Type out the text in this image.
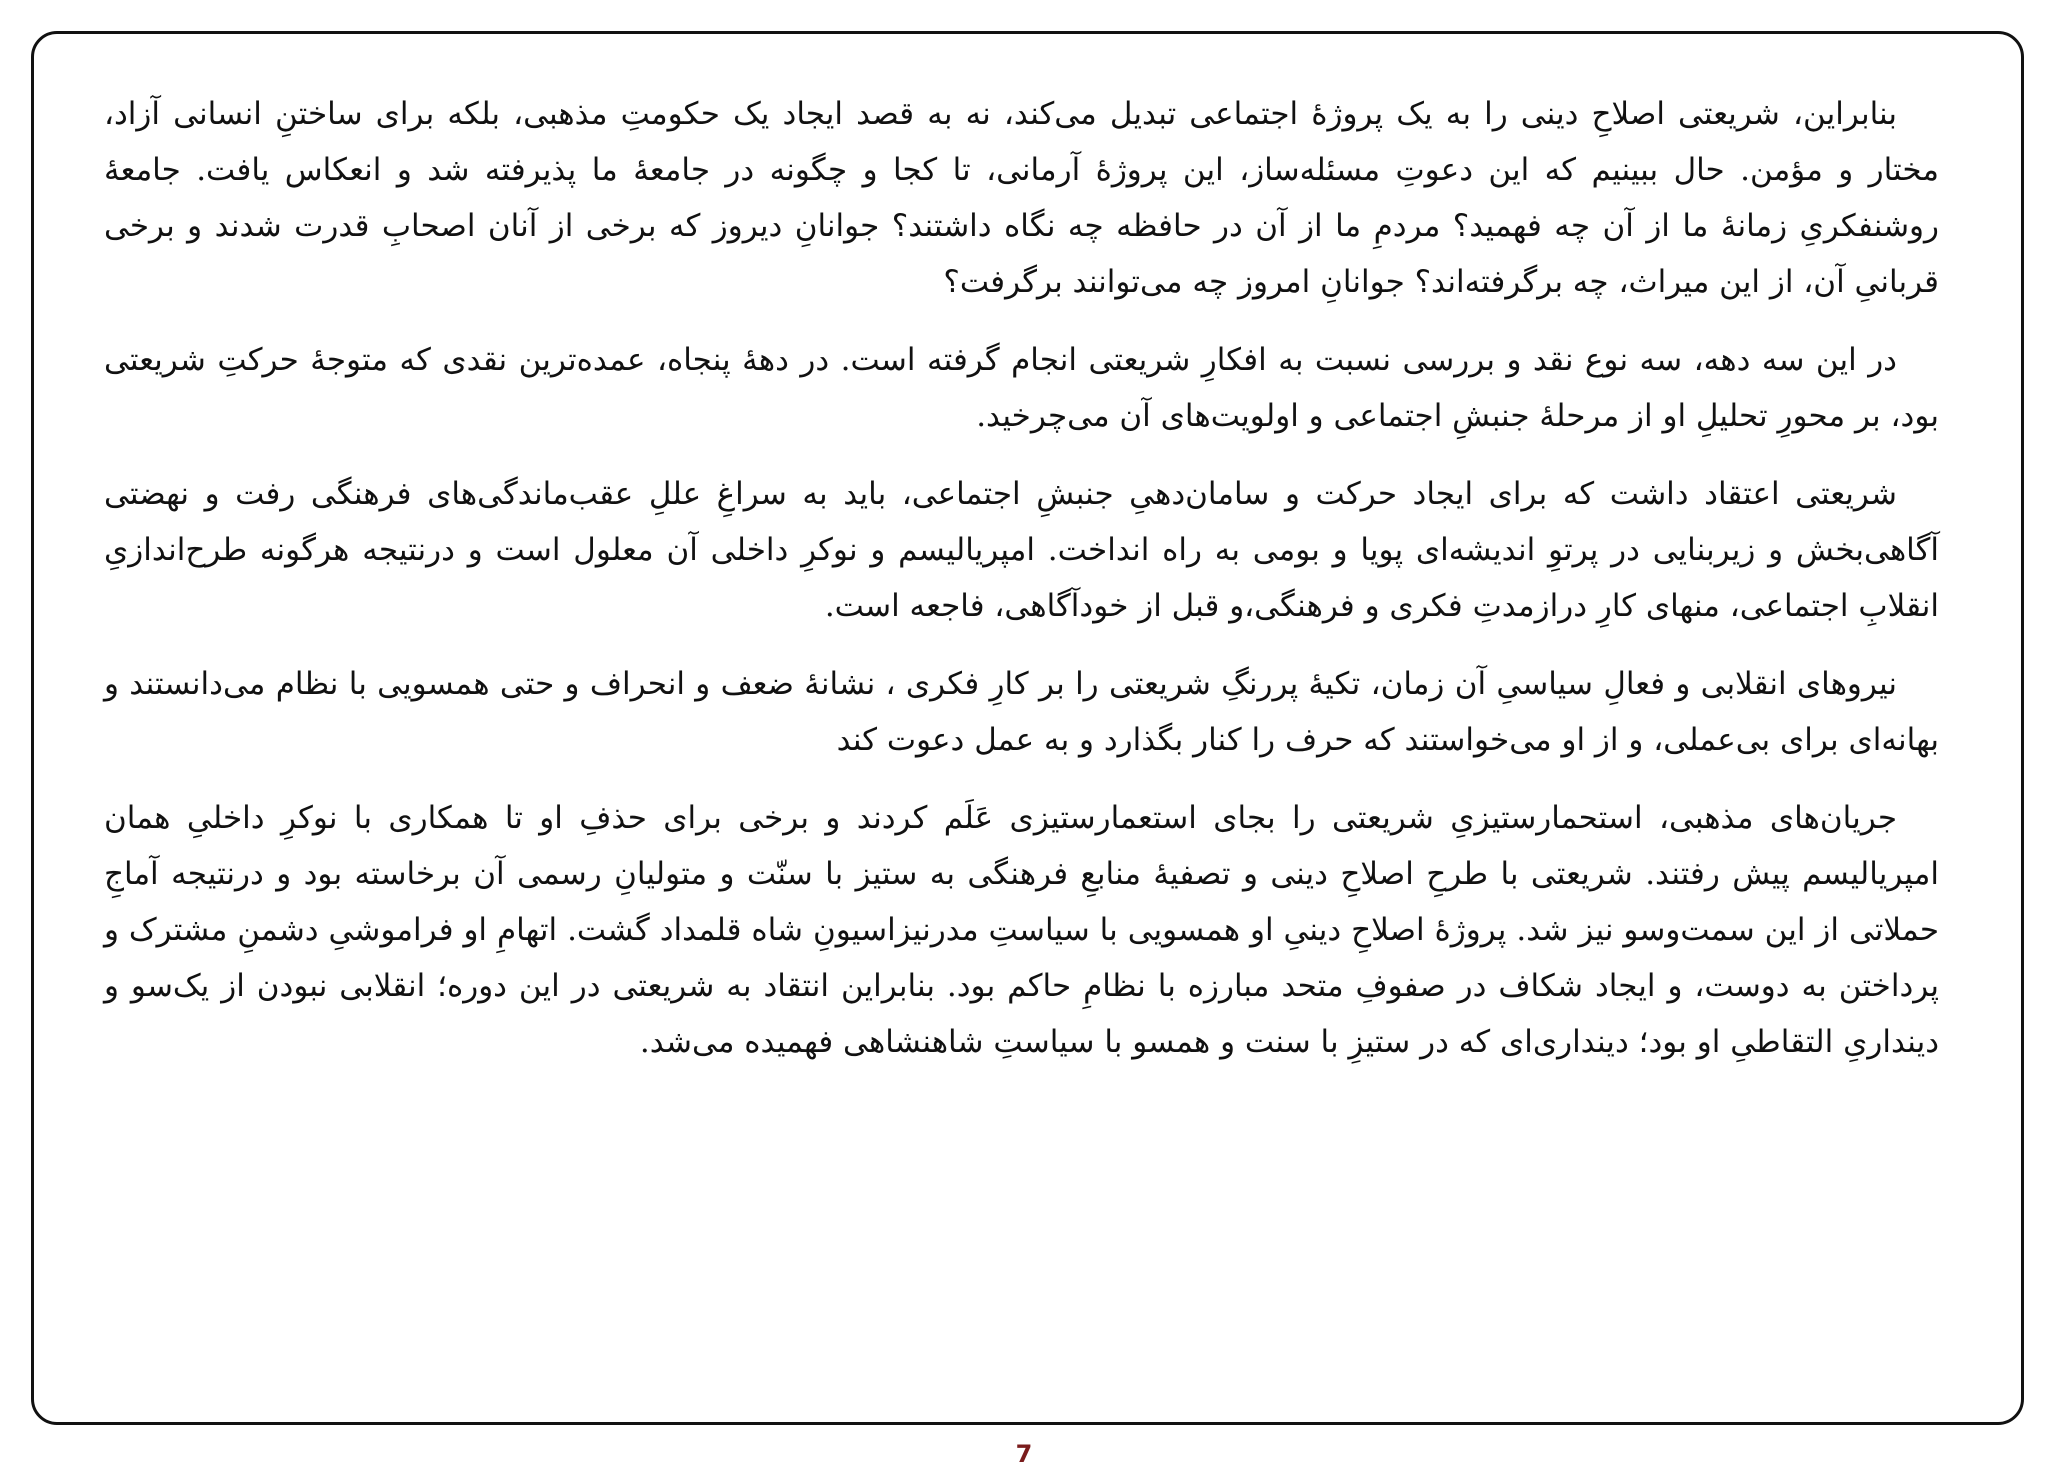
بنابراین، شریعتی اصلاحِ دینی را به یک پروژهٔ اجتماعی تبدیل می‌کند، نه به قصد ایجاد یک حکومتِ مذهبی، بلکه برای ساختنِ انسانی آزاد، مختار و مؤمن. حال ببینیم که این دعوتِ مسئله‌ساز، این پروژهٔ آرمانی، تا کجا و چگونه در جامعهٔ ما پذیرفته شد و انعکاس یافت. جامعهٔ روشنفکریِ زمانهٔ ما از آن چه فهمید؟ مردمِ ما از آن در حافظه چه نگاه داشتند؟ جوانانِ دیروز که برخی از آنان اصحابِ قدرت شدند و برخی قربانیِ آن، از این میراث، چه برگرفته‌اند؟ جوانانِ امروز چه می‌توانند برگرفت؟

در این سه دهه، سه نوع نقد و بررسی نسبت به افکارِ شریعتی انجام گرفته است. در دههٔ پنجاه، عمده‌ترین نقدی که متوجهٔ حرکتِ شریعتی بود، بر محورِ تحلیلِ او از مرحلهٔ جنبشِ اجتماعی و اولویت‌های آن می‌چرخید.

شریعتی اعتقاد داشت که برای ایجاد حرکت و سامان‌دهیِ جنبشِ اجتماعی، باید به سراغِ عللِ عقب‌ماندگی‌های فرهنگی رفت و نهضتی آگاهی‌بخش و زیربنایی در پرتوِ اندیشه‌ای پویا و بومی به راه انداخت. امپریالیسم و نوکرِ داخلی آن معلول است و درنتیجه هرگونه طرح‌اندازیِ انقلابِ اجتماعی، منهای کارِ درازمدتِ فکری و فرهنگی،و قبل از خودآگاهی، فاجعه است.

نیروهای انقلابی و فعالِ سیاسیِ آن زمان، تکیهٔ پررنگِ شریعتی را بر کارِ فکری ، نشانهٔ ضعف و انحراف و حتی همسویی با نظام می‌دانستند و بهانه‌ای برای بی‌عملی، و از او می‌خواستند که حرف را کنار بگذارد و به عمل دعوت کند

جریان‌های مذهبی، استحمارستیزیِ شریعتی را بجای استعمارستیزی عَلَم کردند و برخی برای حذفِ او تا همکاری با نوکرِ داخلیِ همان امپریالیسم پیش رفتند. شریعتی با طرحِ اصلاحِ دینی و تصفیهٔ منابعِ فرهنگی به ستیز با سنّت و متولیانِ رسمی آن برخاسته بود و درنتیجه آماجِ حملاتی از این سمت‌وسو نیز شد. پروژهٔ اصلاحِ دینیِ او همسویی با سیاستِ مدرنیزاسیونِ شاه قلمداد گشت. اتهامِ او فراموشیِ دشمنِ مشترک و پرداختن به دوست، و ایجاد شکاف در صفوفِ متحد مبارزه با نظامِ حاکم بود. بنابراین انتقاد به شریعتی در این دوره؛ انقلابی نبودن از یک‌سو و دینداریِ التقاطیِ او بود؛ دینداری‌ای که در ستیزِ با سنت و همسو با سیاستِ شاهنشاهی فهمیده می‌شد.

7
